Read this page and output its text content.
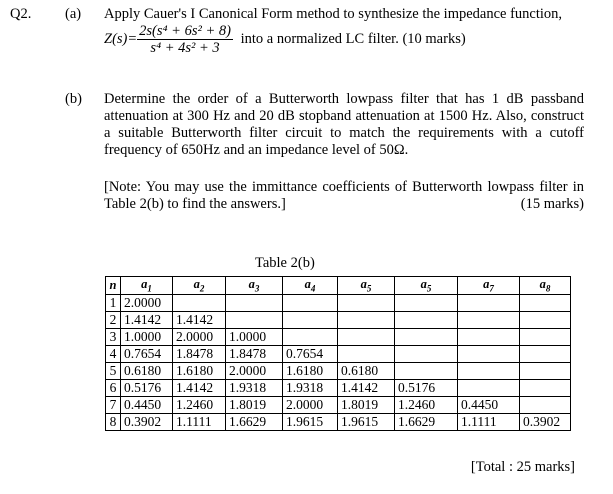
Q2. (a) Apply Cauer's I Canonical Form method to synthesize the impedance function,
$Z(s)= \frac{\text{2s(s⁴ + 6s² + 8)}}{\text{s⁴ + 4s² + 3}}$ into a normalized LC filter. (10 marks)
(b) Determine the order of a Butterworth lowpass filter that has 1 dB passband attenuation at 300 Hz and 20 dB stopband attenuation at 1500 Hz. Also, construct a suitable Butterworth filter circuit to match the requirements with a cutoff frequency of 650Hz and an impedance level of 50Ω.
[Note: You may use the immittance coefficients of Butterworth lowpass filter in Table 2(b) to find the answers.]	(15 marks)
Table 2(b)
n	$a_1$	$a_2$	$a_3$	$a_4$	$a_5$	$a_5$	$a_7$	$a_8$
1	2.0000							
2	1.4142	1.4142						
3	1.0000	2.0000	1.0000					
4	0.7654	1.8478	1.8478	0.7654				
5	0.6180	1.6180	2.0000	1.6180	0.6180			
6	0.5176	1.4142	1.9318	1.9318	1.4142	0.5176		
7	0.4450	1.2460	1.8019	2.0000	1.8019	1.2460	0.4450	
8	0.3902	1.1111	1.6629	1.9615	1.9615	1.6629	1.1111	0.3902
[Total : 25 marks]
